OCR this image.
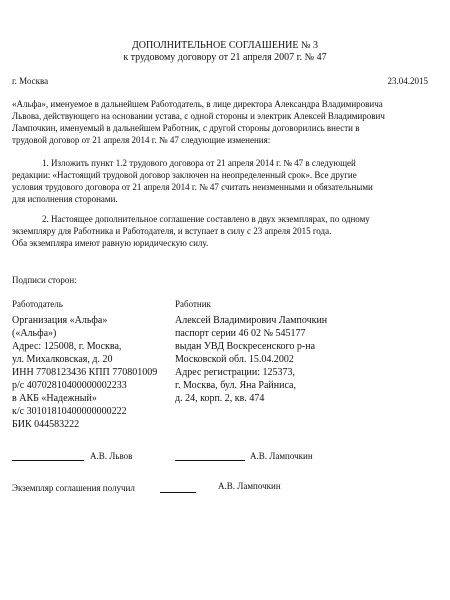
ДОПОЛНИТЕЛЬНОЕ СОГЛАШЕНИЕ № 3
к трудовому договору от 21 апреля 2007 г. № 47
г. Москва	23.04.2015
«Альфа», именуемое в дальнейшем Работодатель, в лице директора Александра Владимировича
Львова, действующего на основании устава, с одной стороны и электрик Алексей Владимирович
Лампочкин, именуемый в дальнейшем Работник, с другой стороны договорились внести в
трудовой договор от 21 апреля 2014 г. № 47 следующие изменения:
1. Изложить пункт 1.2 трудового договора от 21 апреля 2014 г. № 47 в следующей
редакции: «Настоящий трудовой договор заключен на неопределенный срок». Все другие
условия трудового договора от 21 апреля 2014 г. № 47 считать неизменными и обязательными
для исполнения сторонами.
2. Настоящее дополнительное соглашение составлено в двух экземплярах, по одному
экземпляру для Работника и Работодателя, и вступает в силу с 23 апреля 2015 года.
Оба экземпляра имеют равную юридическую силу.
Подписи сторон:
Работодатель
Организация «Альфа»
(«Альфа»)
Адрес: 125008, г. Москва,
ул. Михалковская, д. 20
ИНН 7708123436 КПП 770801009
р/с 40702810400000002233
в АКБ «Надежный»
к/с 30101810400000000222
БИК 044583222
Работник
Алексей Владимирович Лампочкин
паспорт серии 46 02 № 545177
выдан УВД Воскресенского р-на
Московской обл. 15.04.2002
Адрес регистрации: 125373,
г. Москва, бул. Яна Райниса,
д. 24, корп. 2, кв. 474
А.В. Львов	А.В. Лампочкин
Экземпляр соглашения получил	А.В. Лампочкин
